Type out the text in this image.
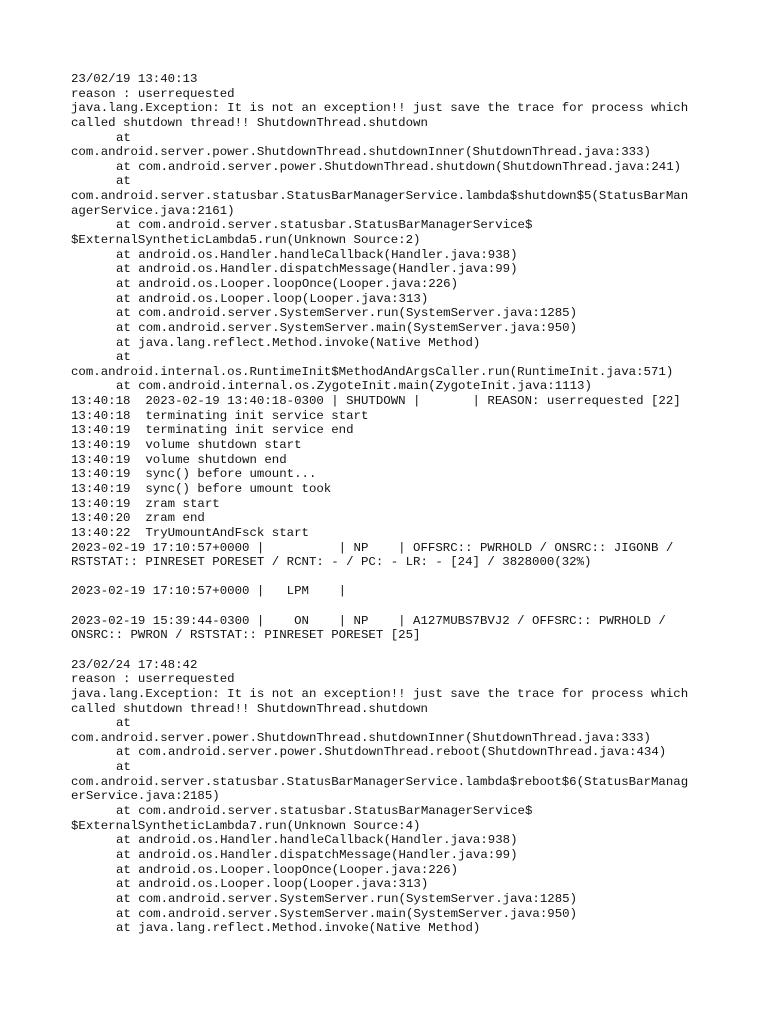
23/02/19 13:40:13
reason : userrequested
java.lang.Exception: It is not an exception!! just save the trace for process which
called shutdown thread!! ShutdownThread.shutdown
at
com.android.server.power.ShutdownThread.shutdownInner(ShutdownThread.java:333)
at com.android.server.power.ShutdownThread.shutdown(ShutdownThread.java:241)
at
com.android.server.statusbar.StatusBarManagerService.lambda$shutdown$5(StatusBarMan
agerService.java:2161)
at com.android.server.statusbar.StatusBarManagerService$
$ExternalSyntheticLambda5.run(Unknown Source:2)
at android.os.Handler.handleCallback(Handler.java:938)
at android.os.Handler.dispatchMessage(Handler.java:99)
at android.os.Looper.loopOnce(Looper.java:226)
at android.os.Looper.loop(Looper.java:313)
at com.android.server.SystemServer.run(SystemServer.java:1285)
at com.android.server.SystemServer.main(SystemServer.java:950)
at java.lang.reflect.Method.invoke(Native Method)
at
com.android.internal.os.RuntimeInit$MethodAndArgsCaller.run(RuntimeInit.java:571)
at com.android.internal.os.ZygoteInit.main(ZygoteInit.java:1113)
13:40:18  2023-02-19 13:40:18-0300 | SHUTDOWN |       | REASON: userrequested [22]
13:40:18  terminating init service start
13:40:19  terminating init service end
13:40:19  volume shutdown start
13:40:19  volume shutdown end
13:40:19  sync() before umount...
13:40:19  sync() before umount took
13:40:19  zram start
13:40:20  zram end
13:40:22  TryUmountAndFsck start
2023-02-19 17:10:57+0000 |          | NP    | OFFSRC:: PWRHOLD / ONSRC:: JIGONB /
RSTSTAT:: PINRESET PORESET / RCNT: - / PC: - LR: - [24] / 3828000(32%)
2023-02-19 17:10:57+0000 |   LPM    |
2023-02-19 15:39:44-0300 |    ON    | NP    | A127MUBS7BVJ2 / OFFSRC:: PWRHOLD /
ONSRC:: PWRON / RSTSTAT:: PINRESET PORESET [25]
23/02/24 17:48:42
reason : userrequested
java.lang.Exception: It is not an exception!! just save the trace for process which
called shutdown thread!! ShutdownThread.shutdown
at
com.android.server.power.ShutdownThread.shutdownInner(ShutdownThread.java:333)
at com.android.server.power.ShutdownThread.reboot(ShutdownThread.java:434)
at
com.android.server.statusbar.StatusBarManagerService.lambda$reboot$6(StatusBarManag
erService.java:2185)
at com.android.server.statusbar.StatusBarManagerService$
$ExternalSyntheticLambda7.run(Unknown Source:4)
at android.os.Handler.handleCallback(Handler.java:938)
at android.os.Handler.dispatchMessage(Handler.java:99)
at android.os.Looper.loopOnce(Looper.java:226)
at android.os.Looper.loop(Looper.java:313)
at com.android.server.SystemServer.run(SystemServer.java:1285)
at com.android.server.SystemServer.main(SystemServer.java:950)
at java.lang.reflect.Method.invoke(Native Method)
